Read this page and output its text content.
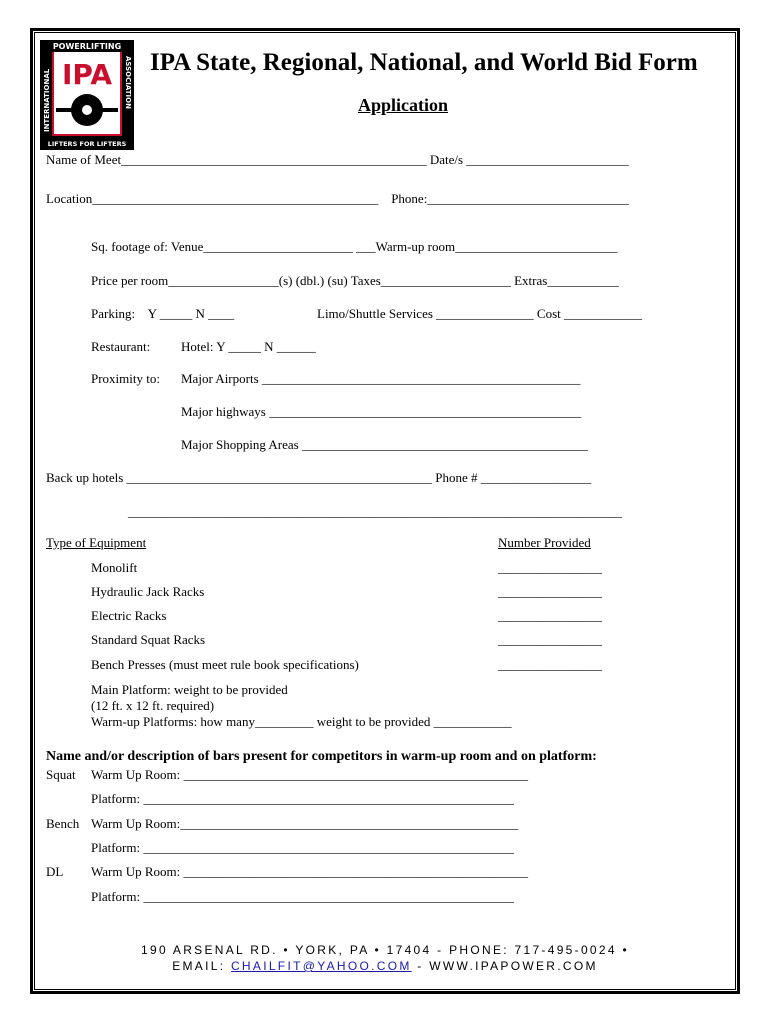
POWERLIFTING
LIFTERS FOR LIFTERS
INTERNATIONAL	ASSOCIATION
IPA IPA State, Regional, National, and World Bid Form
Application
Name of Meet_______________________________________________ Date/s _________________________
Location____________________________________________    Phone:_______________________________
Sq. footage of: Venue_______________________ ___Warm-up room_________________________
Price per room_________________(s) (dbl.) (su) Taxes____________________ Extras___________
Parking:    Y _____ N ____	Limo/Shuttle Services _______________ Cost ____________
Restaurant: Hotel: Y _____ N ______
Proximity to: Major Airports _________________________________________________
Major highways ________________________________________________
Major Shopping Areas ____________________________________________
Back up hotels _______________________________________________ Phone # _________________
____________________________________________________________________________
Type of Equipment	Number Provided
Monolift	________________
Hydraulic Jack Racks	________________
Electric Racks	________________
Standard Squat Racks	________________
Bench Presses (must meet rule book specifications)	________________
Main Platform: weight to be provided
(12 ft. x 12 ft. required)
Warm-up Platforms: how many_________ weight to be provided ____________
Name and/or description of bars present for competitors in warm-up room and on platform:
Squat Warm Up Room: _____________________________________________________
Platform: _________________________________________________________
Bench Warm Up Room:____________________________________________________
Platform: _________________________________________________________
DL Warm Up Room: _____________________________________________________
Platform: _________________________________________________________
190 ARSENAL RD. • YORK, PA • 17404 - PHONE: 717-495-0024 •
EMAIL: CHAILFIT@YAHOO.COM - WWW.IPAPOWER.COM
